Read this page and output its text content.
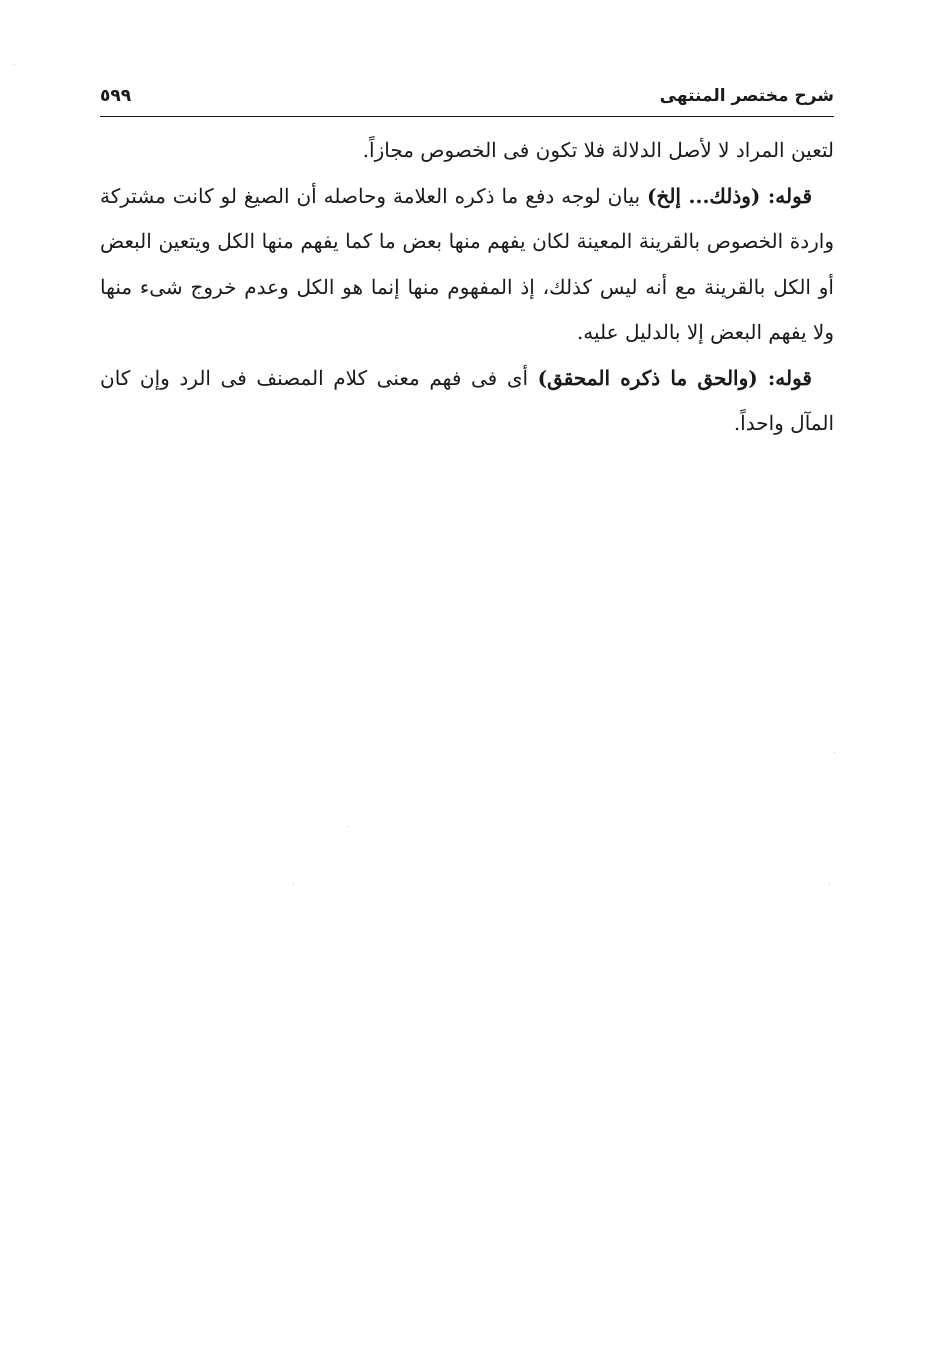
شرح مختصر المنتهى
٥٩٩

لتعين المراد لا لأصل الدلالة فلا تكون فى الخصوص مجازاً.

قوله: (وذلك... إلخ) بيان لوجه دفع ما ذكره العلامة وحاصله أن الصيغ لو كانت مشتركة واردة الخصوص بالقرينة المعينة لكان يفهم منها بعض ما كما يفهم منها الكل ويتعين البعض أو الكل بالقرينة مع أنه ليس كذلك، إذ المفهوم منها إنما هو الكل وعدم خروج شىء منها ولا يفهم البعض إلا بالدليل عليه.

قوله: (والحق ما ذكره المحقق) أى فى فهم معنى كلام المصنف فى الرد وإن كان المآل واحداً.
